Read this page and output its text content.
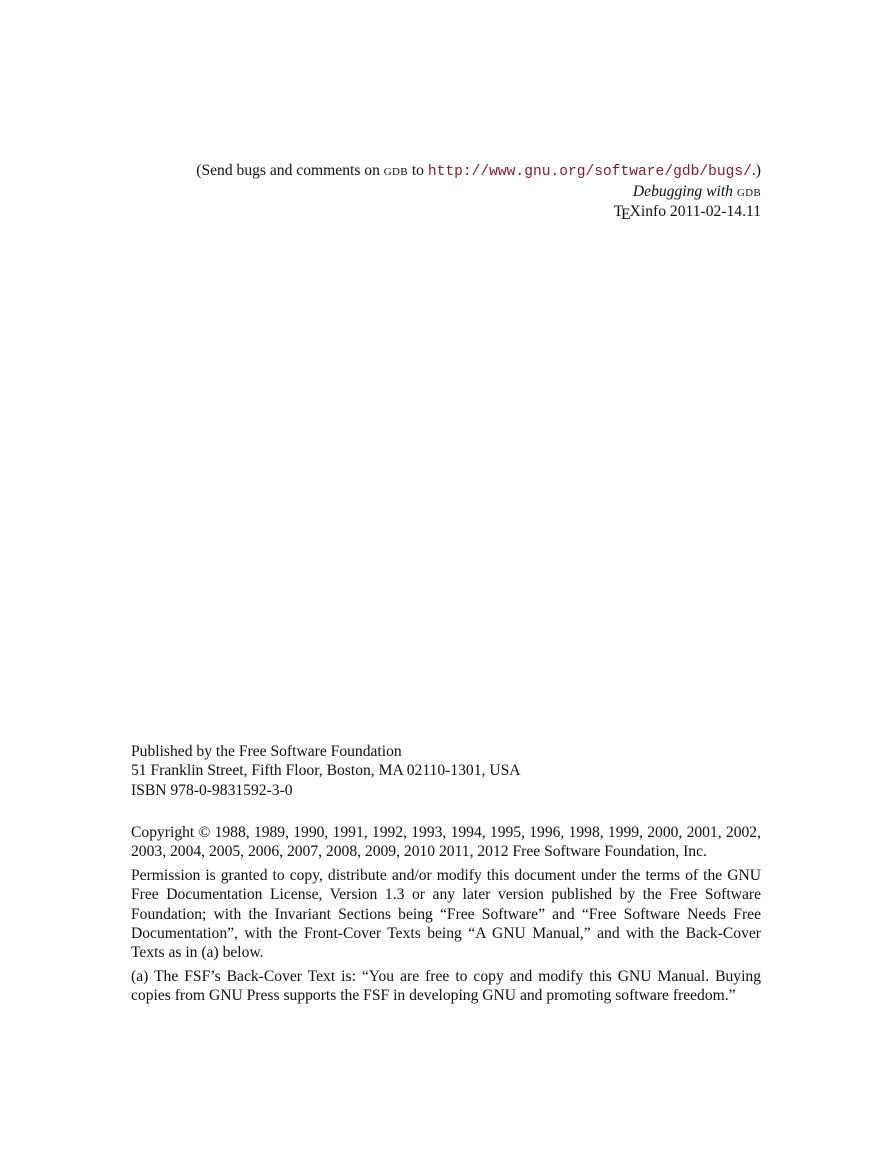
(Send bugs and comments on gdb to http://www.gnu.org/software/gdb/bugs/.)
Debugging with gdb
TEXinfo 2011-02-14.11
Published by the Free Software Foundation
51 Franklin Street, Fifth Floor, Boston, MA 02110-1301, USA
ISBN 978-0-9831592-3-0

Copyright © 1988, 1989, 1990, 1991, 1992, 1993, 1994, 1995, 1996, 1998, 1999, 2000, 2001, 2002, 2003, 2004, 2005, 2006, 2007, 2008, 2009, 2010 2011, 2012 Free Software Foundation, Inc.

Permission is granted to copy, distribute and/or modify this document under the terms of the GNU Free Documentation License, Version 1.3 or any later version published by the Free Software Foundation; with the Invariant Sections being “Free Software” and “Free Software Needs Free Documentation”, with the Front-Cover Texts being “A GNU Manual,” and with the Back-Cover Texts as in (a) below.

(a) The FSF’s Back-Cover Text is: “You are free to copy and modify this GNU Manual. Buying copies from GNU Press supports the FSF in developing GNU and promoting software freedom.”
